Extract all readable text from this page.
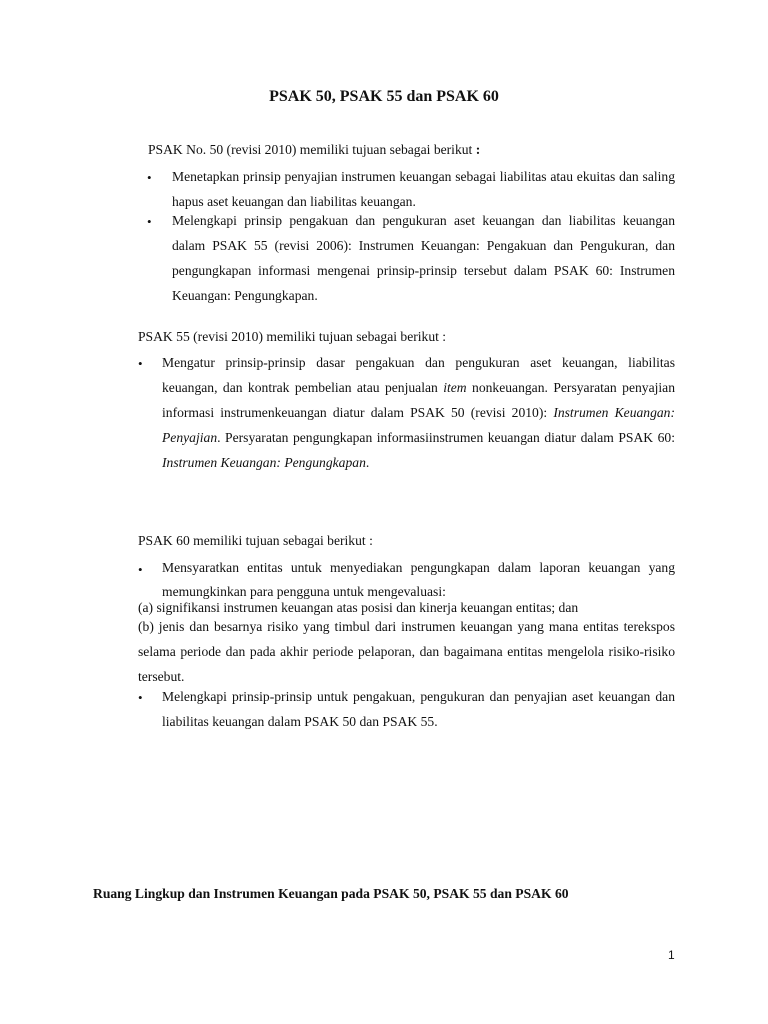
PSAK 50, PSAK 55 dan PSAK 60

PSAK No. 50 (revisi 2010) memiliki tujuan sebagai berikut :

• Menetapkan prinsip penyajian instrumen keuangan sebagai liabilitas atau ekuitas dan saling hapus aset keuangan dan liabilitas keuangan.

• Melengkapi prinsip pengakuan dan pengukuran aset keuangan dan liabilitas keuangan dalam PSAK 55 (revisi 2006): Instrumen Keuangan: Pengakuan dan Pengukuran, dan pengungkapan informasi mengenai prinsip-prinsip tersebut dalam PSAK 60: Instrumen Keuangan: Pengungkapan.

PSAK 55 (revisi 2010) memiliki tujuan sebagai berikut :

• Mengatur prinsip-prinsip dasar pengakuan dan pengukuran aset keuangan, liabilitas keuangan, dan kontrak pembelian atau penjualan item nonkeuangan. Persyaratan penyajian informasi instrumenkeuangan diatur dalam PSAK 50 (revisi 2010): Instrumen Keuangan: Penyajian. Persyaratan pengungkapan informasiinstrumen keuangan diatur dalam PSAK 60: Instrumen Keuangan: Pengungkapan.

PSAK 60 memiliki tujuan sebagai berikut :

• Mensyaratkan entitas untuk menyediakan pengungkapan dalam laporan keuangan yang memungkinkan para pengguna untuk mengevaluasi:

(a) signifikansi instrumen keuangan atas posisi dan kinerja keuangan entitas; dan

(b) jenis dan besarnya risiko yang timbul dari instrumen keuangan yang mana entitas terekspos selama periode dan pada akhir periode pelaporan, dan bagaimana entitas mengelola risiko-risiko tersebut.

• Melengkapi prinsip-prinsip untuk pengakuan, pengukuran dan penyajian aset keuangan dan liabilitas keuangan dalam PSAK 50 dan PSAK 55.

Ruang Lingkup dan Instrumen Keuangan pada PSAK 50, PSAK 55 dan PSAK 60
1
